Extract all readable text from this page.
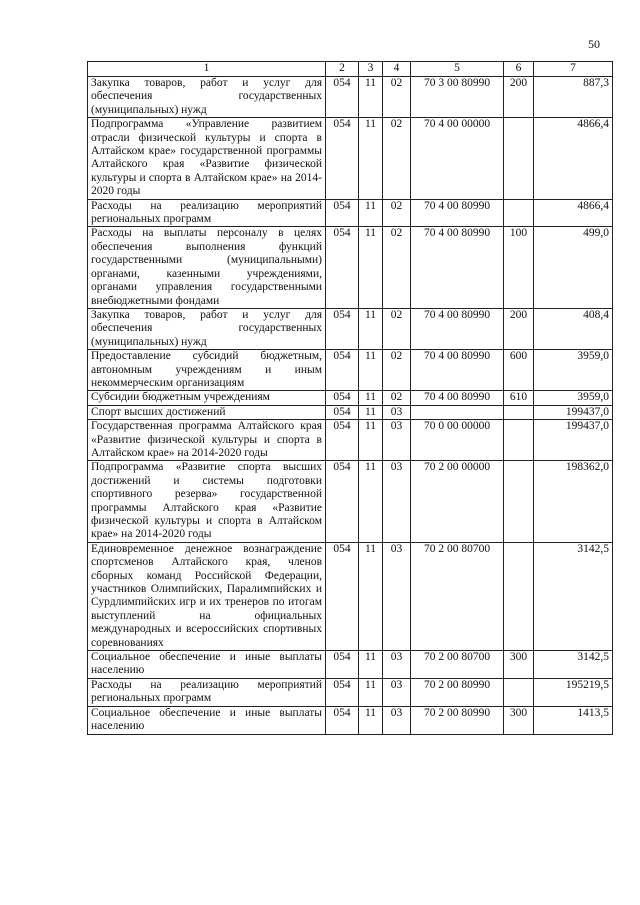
50
1	2	3	4	5	6	7
Закупка товаров, работ и услуг для обеспечения государственных (муниципальных) нужд	054	11	02	70 3 00 80990	200	887,3
Подпрограмма «Управление развитием отрасли физической культуры и спорта в Алтайском крае» государственной программы Алтайского края «Развитие физической культуры и спорта в Алтайском крае» на 2014-2020 годы	054	11	02	70 4 00 00000		4866,4
Расходы на реализацию мероприятий региональных программ	054	11	02	70 4 00 80990		4866,4
Расходы на выплаты персоналу в целях обеспечения выполнения функций государственными (муниципальными) органами, казенными учреждениями, органами управления государственными внебюджетными фондами	054	11	02	70 4 00 80990	100	499,0
Закупка товаров, работ и услуг для обеспечения государственных (муниципальных) нужд	054	11	02	70 4 00 80990	200	408,4
Предоставление субсидий бюджетным, автономным учреждениям и иным некоммерческим организациям	054	11	02	70 4 00 80990	600	3959,0
Субсидии бюджетным учреждениям	054	11	02	70 4 00 80990	610	3959,0
Спорт высших достижений	054	11	03			199437,0
Государственная программа Алтайского края «Развитие физической культуры и спорта в Алтайском крае» на 2014-2020 годы	054	11	03	70 0 00 00000		199437,0
Подпрограмма «Развитие спорта высших достижений и системы подготовки спортивного резерва» государственной программы Алтайского края «Развитие физической культуры и спорта в Алтайском крае» на 2014-2020 годы	054	11	03	70 2 00 00000		198362,0
Единовременное денежное вознаграждение спортсменов Алтайского края, членов сборных команд Российской Федерации, участников Олимпийских, Паралимпийских и Сурдлимпийских игр и их тренеров по итогам выступлений на официальных международных и всероссийских спортивных соревнованиях	054	11	03	70 2 00 80700		3142,5
Социальное обеспечение и иные выплаты населению	054	11	03	70 2 00 80700	300	3142,5
Расходы на реализацию мероприятий региональных программ	054	11	03	70 2 00 80990		195219,5
Социальное обеспечение и иные выплаты населению	054	11	03	70 2 00 80990	300	1413,5
